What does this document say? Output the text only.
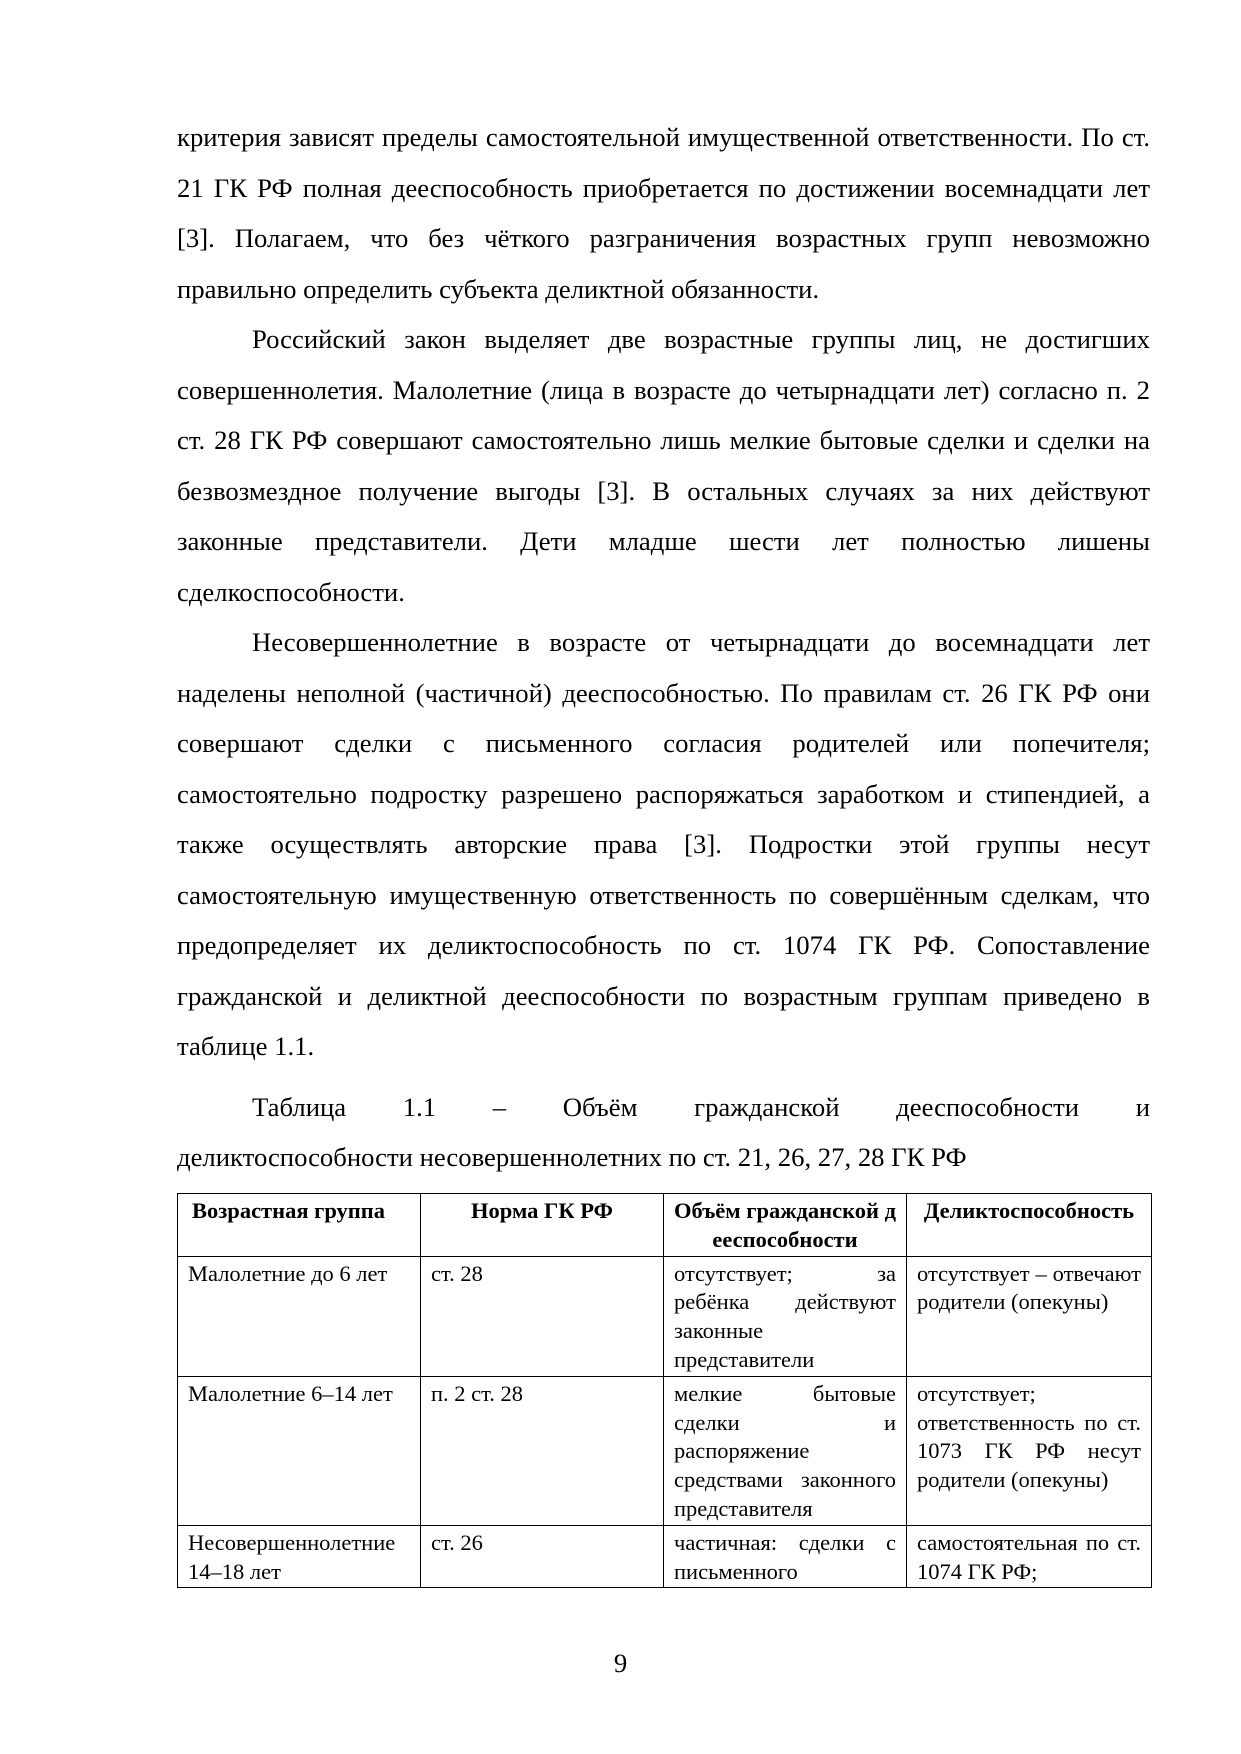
критерия зависят пределы самостоятельной имущественной ответственности. По ст. 21 ГК РФ полная дееспособность приобретается по достижении восемнадцати лет [3]. Полагаем, что без чёткого разграничения возрастных групп невозможно правильно определить субъекта деликтной обязанности.

Российский закон выделяет две возрастные группы лиц, не достигших совершеннолетия. Малолетние (лица в возрасте до четырнадцати лет) согласно п. 2 ст. 28 ГК РФ совершают самостоятельно лишь мелкие бытовые сделки и сделки на безвозмездное получение выгоды [3]. В остальных случаях за них действуют законные представители. Дети младше шести лет полностью лишены сделкоспособности.

Несовершеннолетние в возрасте от четырнадцати до восемнадцати лет наделены неполной (частичной) дееспособностью. По правилам ст. 26 ГК РФ они совершают сделки с письменного согласия родителей или попечителя; самостоятельно подростку разрешено распоряжаться заработком и стипендией, а также осуществлять авторские права [3]. Подростки этой группы несут самостоятельную имущественную ответственность по совершённым сделкам, что предопределяет их деликтоспособность по ст. 1074 ГК РФ. Сопоставление гражданской и деликтной дееспособности по возрастным группам приведено в таблице 1.1.

Таблица 1.1 – Объём гражданской дееспособности и
деликтоспособности несовершеннолетних по ст. 21, 26, 27, 28 ГК РФ
Возрастная группа	Норма ГК РФ	Объём гражданской дееспособности	Деликтоспособность
Малолетние до 6 лет	ст. 28	отсутствует; за ребёнка действуют законные представители	отсутствует – отвечают родители (опекуны)
Малолетние 6–14 лет	п. 2 ст. 28	мелкие бытовые сделки и распоряжение средствами законного представителя	отсутствует; ответственность по ст. 1073 ГК РФ несут родители (опекуны)
Несовершеннолетние 14–18 лет	ст. 26	частичная: сделки с письменного	самостоятельная по ст. 1074 ГК РФ;
9
